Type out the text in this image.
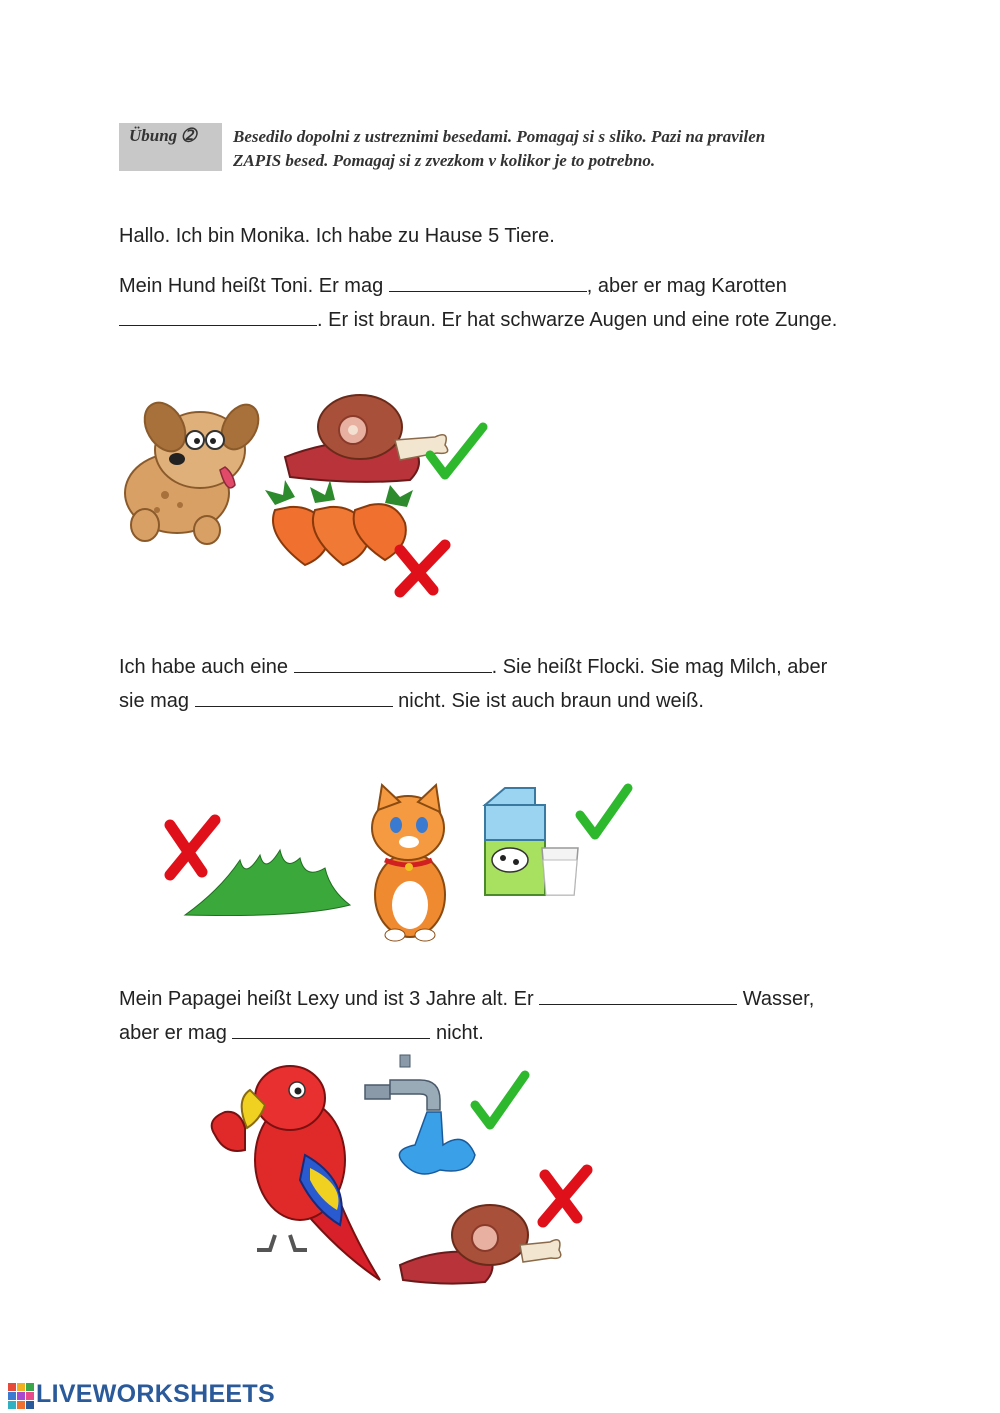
Übung ➁ Besedilo dopolni z ustreznimi besedami. Pomagaj si s sliko. Pazi na pravilen
ZAPIS besed. Pomagaj si z zvezkom v kolikor je to potrebno.
Hallo. Ich bin Monika. Ich habe zu Hause 5 Tiere.
Mein Hund heißt Toni. Er mag	, aber er mag Karotten
. Er ist braun. Er hat schwarze Augen und eine rote Zunge.
Ich habe auch eine	. Sie heißt Flocki. Sie mag Milch, aber
sie mag	nicht. Sie ist auch braun und weiß.
Mein Papagei heißt Lexy und ist 3 Jahre alt. Er	Wasser,
aber er mag	nicht.
LIVEWORKSHEETS
